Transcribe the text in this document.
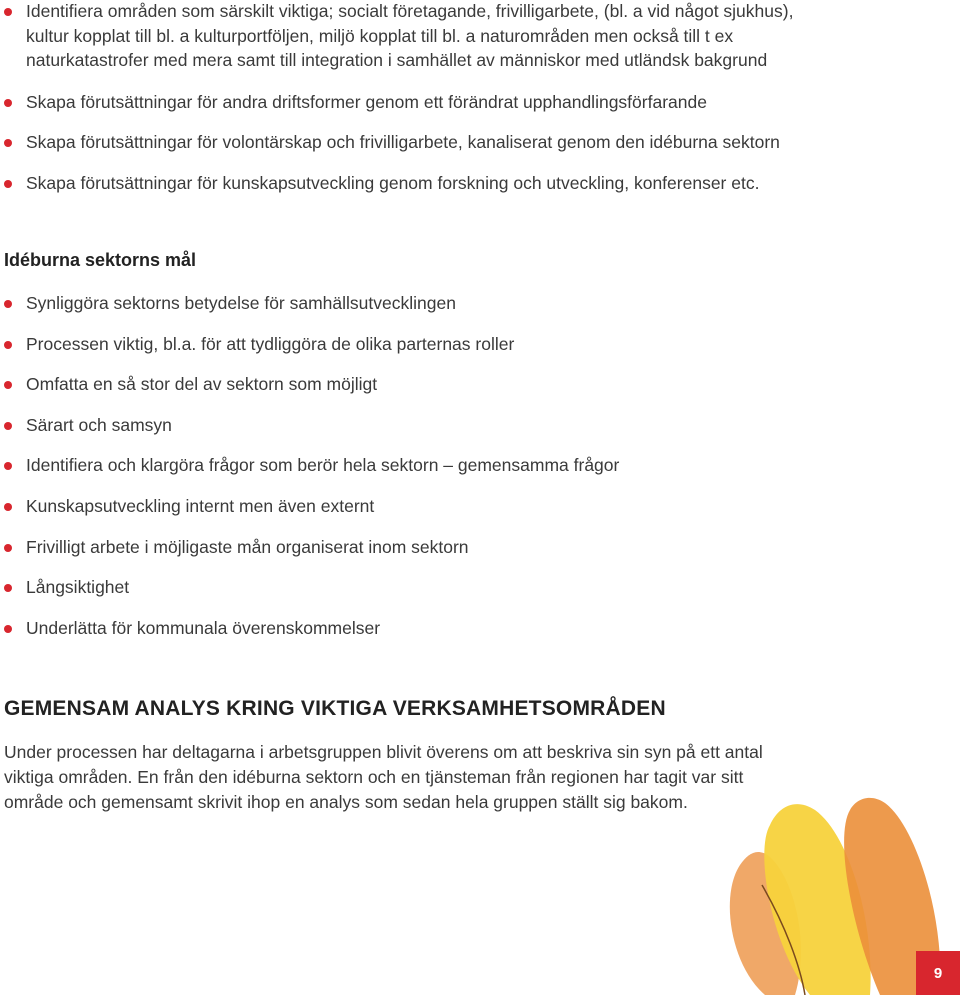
Identifiera områden som särskilt viktiga; socialt företagande, frivilligarbete, (bl. a vid något sjukhus), kultur kopplat till bl. a kulturportföljen, miljö kopplat till bl. a naturområden men också till t ex naturkatastrofer med mera samt till integration i samhället av människor med utländsk bakgrund
Skapa förutsättningar för andra driftsformer genom ett förändrat upphandlingsförfarande
Skapa förutsättningar för volontärskap och frivilligarbete, kanaliserat genom den idéburna sektorn
Skapa förutsättningar för kunskapsutveckling genom forskning och utveckling, konferenser etc.
Idéburna sektorns mål
Synliggöra sektorns betydelse för samhällsutvecklingen
Processen viktig, bl.a. för att tydliggöra de olika parternas roller
Omfatta en så stor del av sektorn som möjligt
Särart och samsyn
Identifiera och klargöra frågor som berör hela sektorn – gemensamma frågor
Kunskapsutveckling internt men även externt
Frivilligt arbete i möjligaste mån organiserat inom sektorn
Långsiktighet
Underlätta för kommunala överenskommelser
GEMENSAM ANALYS KRING VIKTIGA VERKSAMHETSOMRÅDEN

Under processen har deltagarna i arbetsgruppen blivit överens om att beskriva sin syn på ett antal viktiga områden. En från den idéburna sektorn och en tjänsteman från regionen har tagit var sitt område och gemensamt skrivit ihop en analys som sedan hela gruppen ställt sig bakom.

9
